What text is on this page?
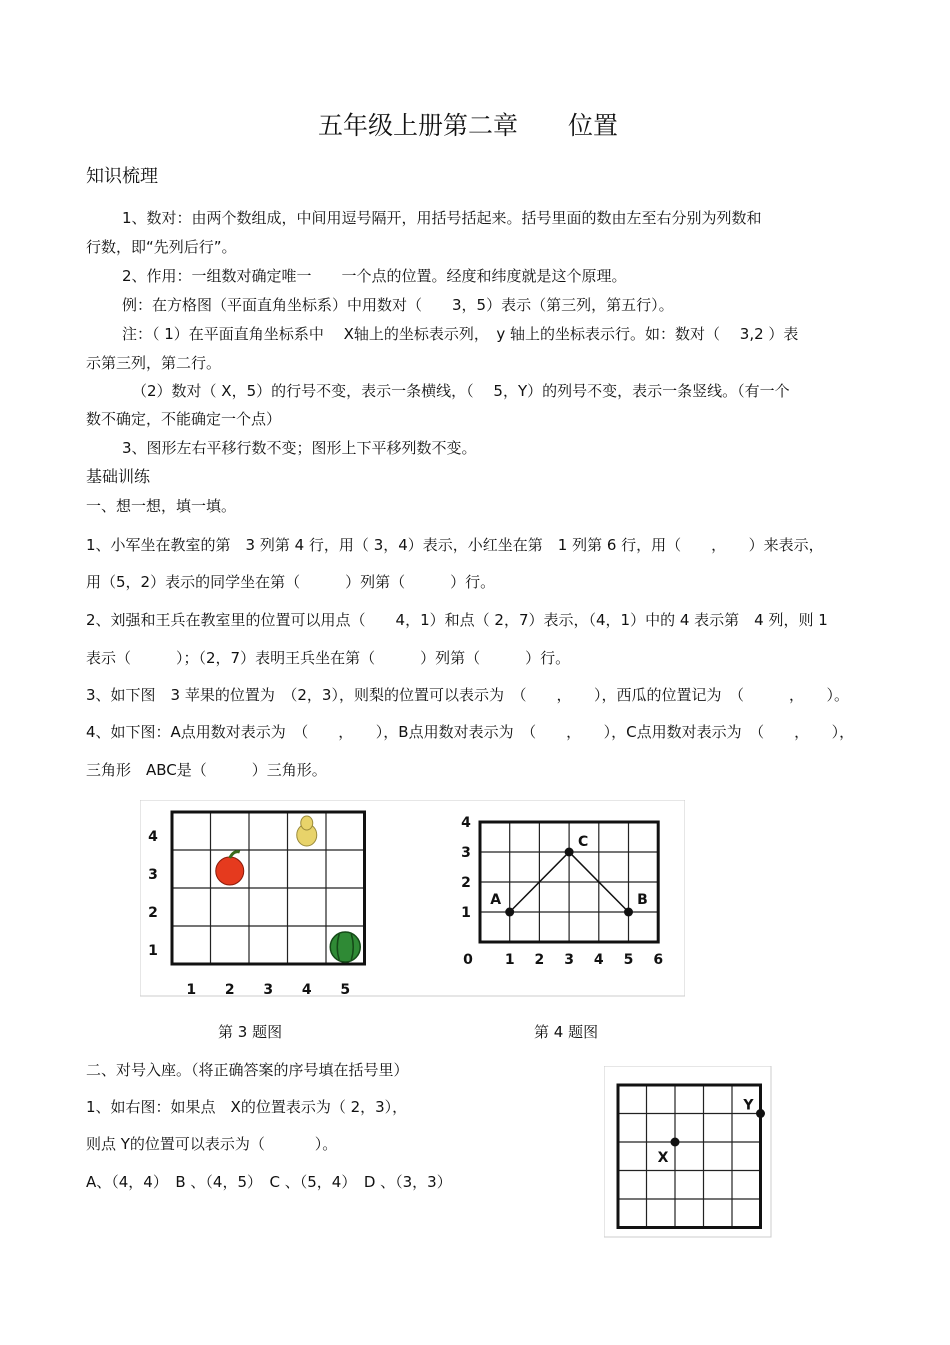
五年级上册第二章　　位置
知识梳理
1、数对：由两个数组成，中间用逗号隔开，用括号括起来。括号里面的数由左至右分别为列数和
行数，即“先列后行”。
2、作用：一组数对确定唯一　　一个点的位置。经度和纬度就是这个原理。
例：在方格图（平面直角坐标系）中用数对（　　3，5）表示（第三列，第五行）。
注：（ 1）在平面直角坐标系中　 X轴上的坐标表示列，　y 轴上的坐标表示行。如：数对（　 3,2 ）表
示第三列，第二行。
（2）数对（ X，5）的行号不变，表示一条横线，（　 5，Y）的列号不变，表示一条竖线。（有一个
数不确定，不能确定一个点）
3、图形左右平移行数不变；图形上下平移列数不变。
基础训练
一、想一想，填一填。
1、小军坐在教室的第　3 列第 4 行，用（ 3，4）表示，小红坐在第　1 列第 6 行，用（　　，　　）来表示，
用（5，2）表示的同学坐在第（　　　）列第（　　　）行。
2、刘强和王兵在教室里的位置可以用点（　　4，1）和点（ 2，7）表示，（4，1）中的 4 表示第　4 列，则 1
表示（　　　）；（2，7）表明王兵坐在第（　　　）列第（　　　）行。
3、如下图　3 苹果的位置为　（2，3），则梨的位置可以表示为　（　　，　　），西瓜的位置记为　（　　　，　　）。
4、如下图：A点用数对表示为　（　　，　　），B点用数对表示为　（　　，　　），C点用数对表示为　（　　，　　），
三角形　ABC是（　　　）三角形。
1 2 3 4 5
1
2
3
4
0 1 2 3 4 5 6
1
2
3
4
A
C
B
第 3 题图	第 4 题图
二、对号入座。（将正确答案的序号填在括号里）
1、如右图：如果点　X的位置表示为（ 2，3），
则点 Y的位置可以表示为（　　　 ）。
A、（4，4）　B 、（4，5）　C 、（5，4）　D 、（3，3）
X
Y
